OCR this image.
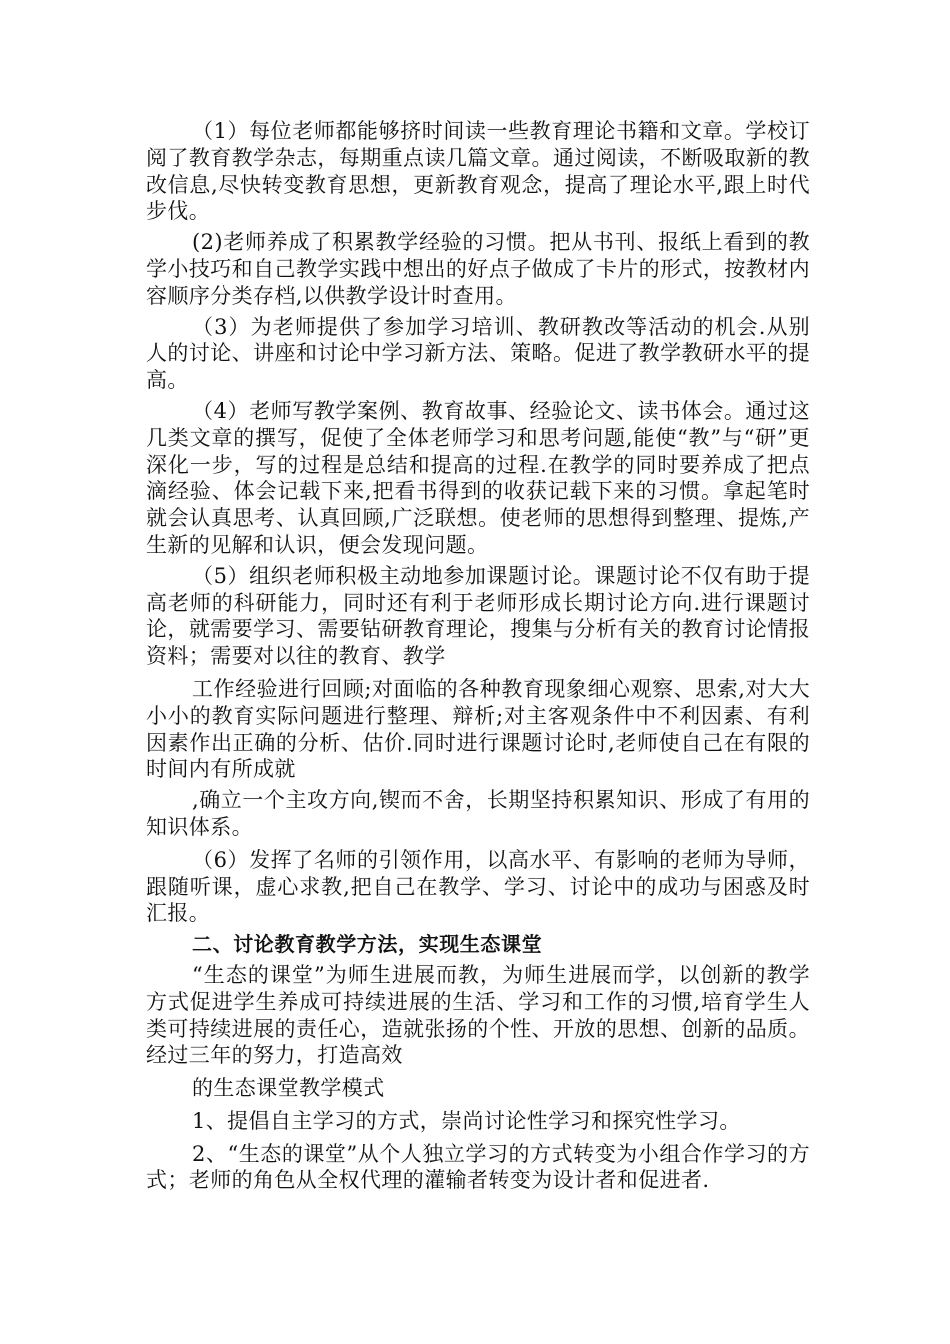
（1）每位老师都能够挤时间读一些教育理论书籍和文章。学校订阅了教育教学杂志，每期重点读几篇文章。通过阅读，不断吸取新的教改信息,尽快转变教育思想，更新教育观念，提高了理论水平,跟上时代步伐。

(2)老师养成了积累教学经验的习惯。把从书刊、报纸上看到的教学小技巧和自己教学实践中想出的好点子做成了卡片的形式，按教材内容顺序分类存档,以供教学设计时查用。

（3）为老师提供了参加学习培训、教研教改等活动的机会.从别人的讨论、讲座和讨论中学习新方法、策略。促进了教学教研水平的提高。

（4）老师写教学案例、教育故事、经验论文、读书体会。通过这几类文章的撰写，促使了全体老师学习和思考问题,能使“教”与“研”更深化一步，写的过程是总结和提高的过程.在教学的同时要养成了把点滴经验、体会记载下来,把看书得到的收获记载下来的习惯。拿起笔时就会认真思考、认真回顾,广泛联想。使老师的思想得到整理、提炼,产生新的见解和认识，便会发现问题。

（5）组织老师积极主动地参加课题讨论。课题讨论不仅有助于提高老师的科研能力，同时还有利于老师形成长期讨论方向.进行课题讨论，就需要学习、需要钻研教育理论，搜集与分析有关的教育讨论情报资料；需要对以往的教育、教学

工作经验进行回顾;对面临的各种教育现象细心观察、思索,对大大小小的教育实际问题进行整理、辩析;对主客观条件中不利因素、有利因素作出正确的分析、估价.同时进行课题讨论时,老师使自己在有限的时间内有所成就

,确立一个主攻方向,锲而不舍，长期坚持积累知识、形成了有用的知识体系。

（6）发挥了名师的引领作用，以高水平、有影响的老师为导师，跟随听课，虚心求教,把自己在教学、学习、讨论中的成功与困惑及时汇报。

二、讨论教育教学方法，实现生态课堂

“生态的课堂”为师生进展而教，为师生进展而学，以创新的教学方式促进学生养成可持续进展的生活、学习和工作的习惯,培育学生人类可持续进展的责任心，造就张扬的个性、开放的思想、创新的品质。经过三年的努力，打造高效

的生态课堂教学模式

1、提倡自主学习的方式，崇尚讨论性学习和探究性学习。

2、“生态的课堂”从个人独立学习的方式转变为小组合作学习的方式；老师的角色从全权代理的灌输者转变为设计者和促进者.
